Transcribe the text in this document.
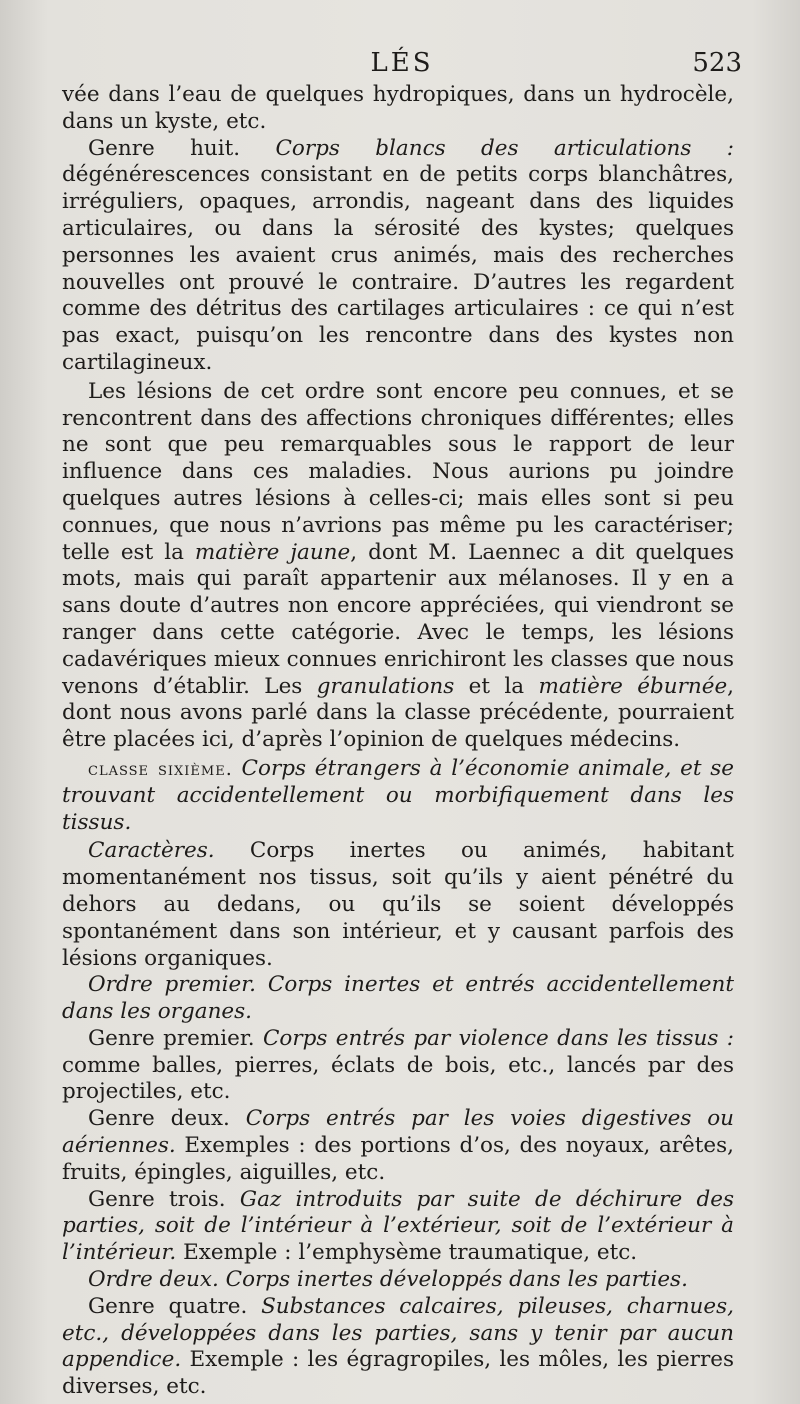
LÉS	523

vée dans l’eau de quelques hydropiques, dans un hydrocèle, dans un kyste, etc.

Genre huit. Corps blancs des articulations : dégénérescences consistant en de petits corps blanchâtres, irréguliers, opaques, arrondis, nageant dans des liquides articulaires, ou dans la sérosité des kystes; quelques personnes les avaient crus animés, mais des recherches nouvelles ont prouvé le contraire. D’autres les regardent comme des détritus des cartilages articulaires : ce qui n’est pas exact, puisqu’on les rencontre dans des kystes non cartilagineux.

Les lésions de cet ordre sont encore peu connues, et se rencontrent dans des affections chroniques différentes; elles ne sont que peu remarquables sous le rapport de leur influence dans ces maladies. Nous aurions pu joindre quelques autres lésions à celles-ci; mais elles sont si peu connues, que nous n’avrions pas même pu les caractériser; telle est la matière jaune, dont M. Laennec a dit quelques mots, mais qui paraît appartenir aux mélanoses. Il y en a sans doute d’autres non encore appréciées, qui viendront se ranger dans cette catégorie. Avec le temps, les lésions cadavériques mieux connues enrichiront les classes que nous venons d’établir. Les granulations et la matière éburnée, dont nous avons parlé dans la classe précédente, pourraient être placées ici, d’après l’opinion de quelques médecins.

classe sixième. Corps étrangers à l’économie animale, et se trouvant accidentellement ou morbifiquement dans les tissus.

Caractères. Corps inertes ou animés, habitant momentanément nos tissus, soit qu’ils y aient pénétré du dehors au dedans, ou qu’ils se soient développés spontanément dans son intérieur, et y causant parfois des lésions organiques.

Ordre premier. Corps inertes et entrés accidentellement dans les organes.

Genre premier. Corps entrés par violence dans les tissus : comme balles, pierres, éclats de bois, etc., lancés par des projectiles, etc.

Genre deux. Corps entrés par les voies digestives ou aériennes. Exemples : des portions d’os, des noyaux, arêtes, fruits, épingles, aiguilles, etc.

Genre trois. Gaz introduits par suite de déchirure des parties, soit de l’intérieur à l’extérieur, soit de l’extérieur à l’intérieur. Exemple : l’emphysème traumatique, etc.

Ordre deux. Corps inertes développés dans les parties.

Genre quatre. Substances calcaires, pileuses, charnues, etc., développées dans les parties, sans y tenir par aucun appendice. Exemple : les égragropiles, les môles, les pierres diverses, etc.
